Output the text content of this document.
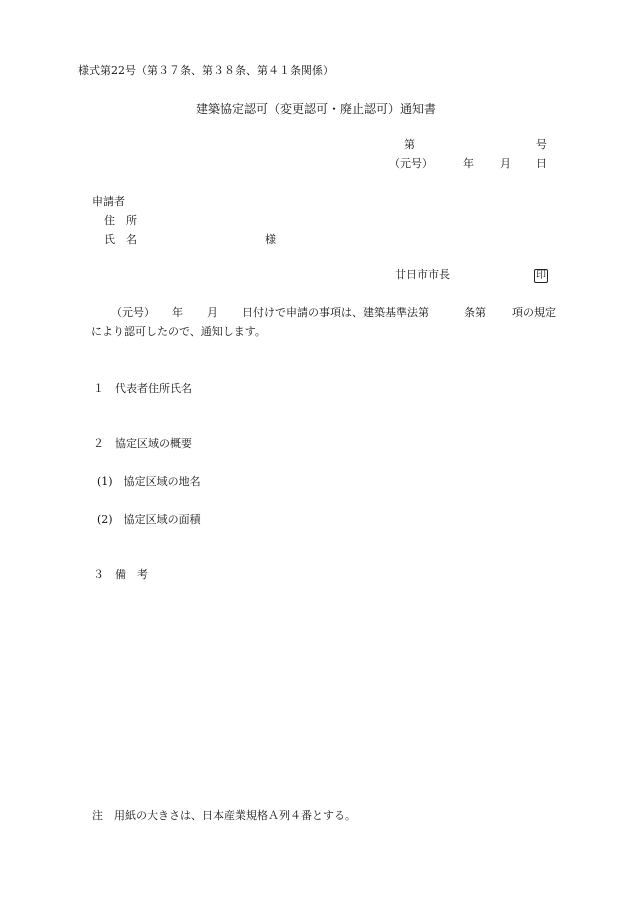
様式第22号（第３７条、第３８条、第４１条関係）
建築協定認可（変更認可・廃止認可）通知書
第	号
（元号）	年 月 日
申請者
住　所
氏　名	様
廿日市市長	印
（元号） 年 月 日付けで申請の事項は、建築基準法第	条第 項の規定
により認可したので、通知します。
１　代表者住所氏名
２　協定区域の概要
(1)　協定区域の地名
(2)　協定区域の面積
３　備　考
注　用紙の大きさは、日本産業規格Ａ列４番とする。
